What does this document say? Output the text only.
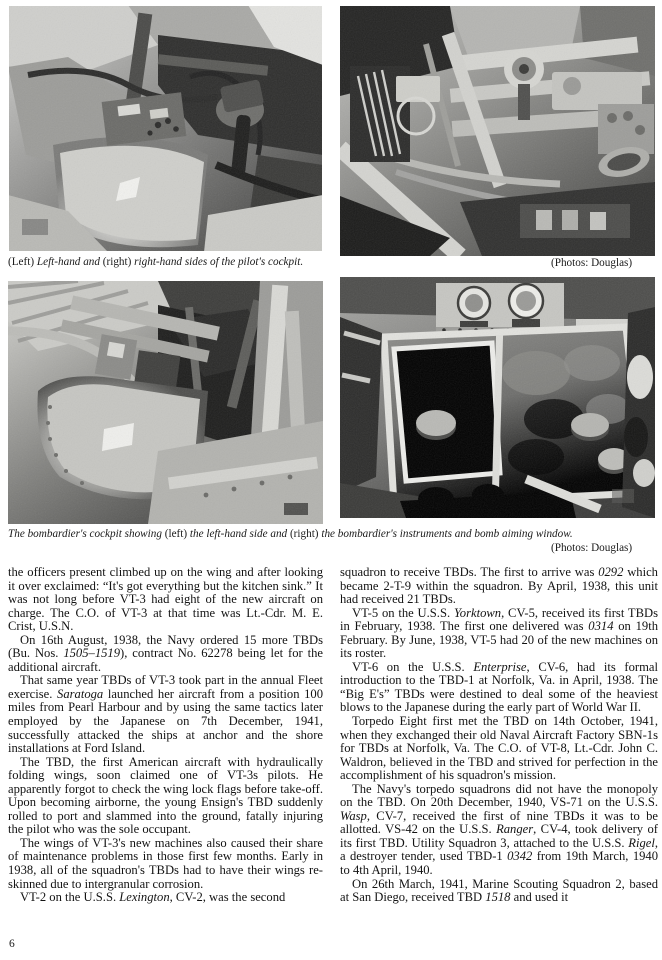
(Left) Left-hand and (right) right-hand sides of the pilot's cockpit.	(Photos: Douglas)
The bombardier's cockpit showing (left) the left-hand side and (right) the bombardier's instruments and bomb aiming window.
(Photos: Douglas)

the officers present climbed up on the wing and after looking it over exclaimed: “It's got everything but the kitchen sink.” It was not long before VT-3 had eight of the new aircraft on charge. The C.O. of VT-3 at that time was Lt.-Cdr. M. E. Crist, U.S.N.

On 16th August, 1938, the Navy ordered 15 more TBDs (Bu. Nos. 1505–1519), contract No. 62278 being let for the additional aircraft.

That same year TBDs of VT-3 took part in the annual Fleet exercise. Saratoga launched her aircraft from a position 100 miles from Pearl Harbour and by using the same tactics later employed by the Japanese on 7th December, 1941, successfully attacked the ships at anchor and the shore installations at Ford Island.

The TBD, the first American aircraft with hydraulically folding wings, soon claimed one of VT-3s pilots. He apparently forgot to check the wing lock flags before take-off. Upon becoming airborne, the young Ensign's TBD suddenly rolled to port and slammed into the ground, fatally injuring the pilot who was the sole occupant.

The wings of VT-3's new machines also caused their share of maintenance problems in those first few months. Early in 1938, all of the squadron's TBDs had to have their wings re-skinned due to intergranular corrosion.

VT-2 on the U.S.S. Lexington, CV-2, was the second

squadron to receive TBDs. The first to arrive was 0292 which became 2-T-9 within the squadron. By April, 1938, this unit had received 21 TBDs.

VT-5 on the U.S.S. Yorktown, CV-5, received its first TBDs in February, 1938. The first one delivered was 0314 on 19th February. By June, 1938, VT-5 had 20 of the new machines on its roster.

VT-6 on the U.S.S. Enterprise, CV-6, had its formal introduction to the TBD-1 at Norfolk, Va. in April, 1938. The “Big E's” TBDs were destined to deal some of the heaviest blows to the Japanese during the early part of World War II.

Torpedo Eight first met the TBD on 14th October, 1941, when they exchanged their old Naval Aircraft Factory SBN-1s for TBDs at Norfolk, Va. The C.O. of VT-8, Lt.-Cdr. John C. Waldron, believed in the TBD and strived for perfection in the accomplishment of his squadron's mission.

The Navy's torpedo squadrons did not have the monopoly on the TBD. On 20th December, 1940, VS-71 on the U.S.S. Wasp, CV-7, received the first of nine TBDs it was to be allotted. VS-42 on the U.S.S. Ranger, CV-4, took delivery of its first TBD. Utility Squadron 3, attached to the U.S.S. Rigel, a destroyer tender, used TBD-1 0342 from 19th March, 1940 to 4th April, 1940.

On 26th March, 1941, Marine Scouting Squadron 2, based at San Diego, received TBD 1518 and used it

6
